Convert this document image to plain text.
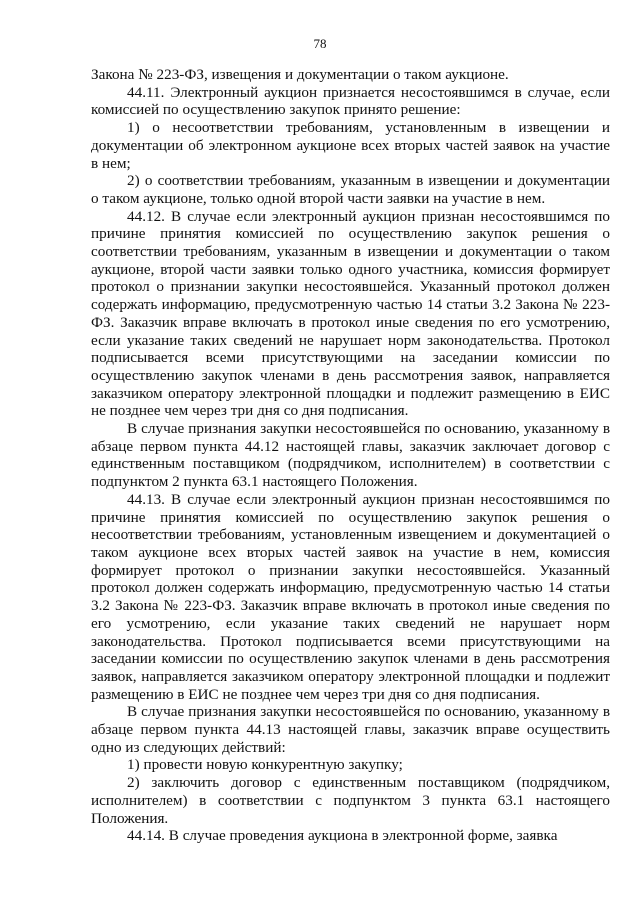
78

Закона № 223-ФЗ, извещения и документации о таком аукционе.

44.11. Электронный аукцион признается несостоявшимся в случае, если комиссией по осуществлению закупок принято решение:

1) о несоответствии требованиям, установленным в извещении и документации об электронном аукционе всех вторых частей заявок на участие в нем;

2) о соответствии требованиям, указанным в извещении и документации о таком аукционе, только одной второй части заявки на участие в нем.

44.12. В случае если электронный аукцион признан несостоявшимся по причине принятия комиссией по осуществлению закупок решения о соответствии требованиям, указанным в извещении и документации о таком аукционе, второй части заявки только одного участника, комиссия формирует протокол о признании закупки несостоявшейся. Указанный протокол должен содержать информацию, предусмотренную частью 14 статьи 3.2 Закона № 223-ФЗ. Заказчик вправе включать в протокол иные сведения по его усмотрению, если указание таких сведений не нарушает норм законодательства. Протокол подписывается всеми присутствующими на заседании комиссии по осуществлению закупок членами в день рассмотрения заявок, направляется заказчиком оператору электронной площадки и подлежит размещению в ЕИС не позднее чем через три дня со дня подписания.

В случае признания закупки несостоявшейся по основанию, указанному в абзаце первом пункта 44.12 настоящей главы, заказчик заключает договор с единственным поставщиком (подрядчиком, исполнителем) в соответствии с подпунктом 2 пункта 63.1 настоящего Положения.

44.13. В случае если электронный аукцион признан несостоявшимся по причине принятия комиссией по осуществлению закупок решения о несоответствии требованиям, установленным извещением и документацией о таком аукционе всех вторых частей заявок на участие в нем, комиссия формирует протокол о признании закупки несостоявшейся. Указанный протокол должен содержать информацию, предусмотренную частью 14 статьи 3.2 Закона № 223-ФЗ. Заказчик вправе включать в протокол иные сведения по его усмотрению, если указание таких сведений не нарушает норм законодательства. Протокол подписывается всеми присутствующими на заседании комиссии по осуществлению закупок членами в день рассмотрения заявок, направляется заказчиком оператору электронной площадки и подлежит размещению в ЕИС не позднее чем через три дня со дня подписания.

В случае признания закупки несостоявшейся по основанию, указанному в абзаце первом пункта 44.13 настоящей главы, заказчик вправе осуществить одно из следующих действий:

1) провести новую конкурентную закупку;

2) заключить договор с единственным поставщиком (подрядчиком, исполнителем) в соответствии с подпунктом 3 пункта 63.1 настоящего Положения.

44.14. В случае проведения аукциона в электронной форме, заявка
